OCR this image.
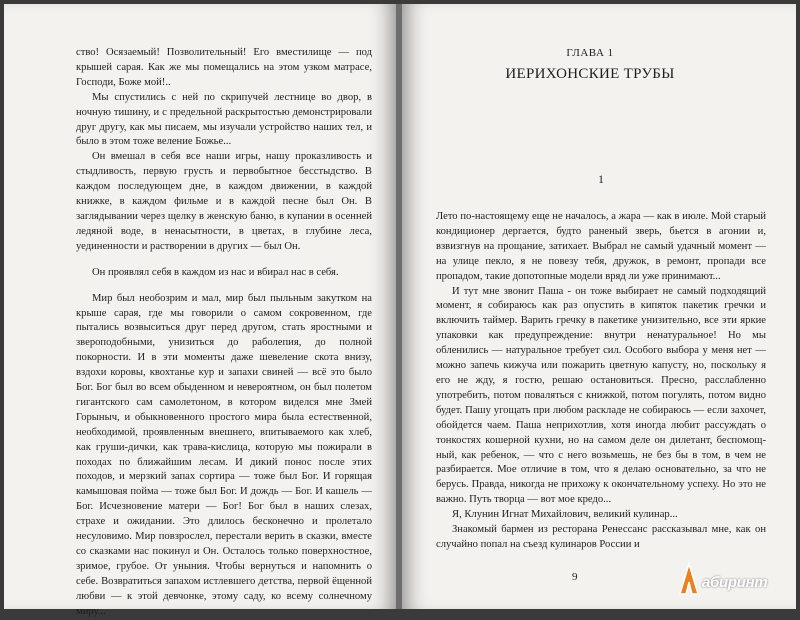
ство! Осязаемый! Позволительный! Его вместилище — под крышей сарая. Как же мы помещались на этом узком матрасе, Господи, Боже мой!..

Мы спустились с ней по скрипучей лестнице во двор, в ночную тишину, и с предельной раскрытостью демонстрировали друг другу, как мы писаем, мы изучали устройство наших тел, и было в этом тоже веление Божье...

Он вмешал в себя все наши игры, нашу проказливость и стыдливость, первую грусть и первобытное бесстыдство. В каждом последующем дне, в каждом движении, в каждой книжке, в каждом фильме и в каждой песне был Он. В заглядывании через щелку в женскую баню, в купании в осенней ледяной воде, в ненасытности, в цветах, в глубине леса, уединенности и растворении в других — был Он.

Он проявлял себя в каждом из нас и вбирал нас в себя.

Мир был необозрим и мал, мир был пыльным закутком на крыше сарая, где мы говорили о самом сокровенном, где пытались возвыситься друг перед другом, стать яростными и звероподобными, унизиться до раболепия, до полной покорности. И в эти моменты даже шевеление скота внизу, вздохи коровы, квохтанье кур и запахи свиней — всё это было Бог. Бог был во всем обыденном и невероятном, он был полетом гигантского сам самолетоном, в котором виделся мне Змей Горыныч, и обыкновенного простого мира была естественной, необходимой, проявленным внешнего, впитываемого как хлеб, как груши-дички, как трава-кислица, которую мы пожирали в походах по ближайшим лесам. И дикий понос после этих походов, и мерзкий запах сортира — тоже был Бог. И горящая камышовая пойма — тоже был Бог. И дождь — Бог. И кашель — Бог. Исчезновение матери — Бог! Бог был в наших слезах, страхе и ожидании. Это длилось бесконечно и пролетало несуловимо. Мир повзрослел, перестали верить в сказки, вместе со сказками нас покинул и Он. Осталось только поверхностное, зримое, грубое. От уныния. Чтобы вернуться и напомнить о себе. Возвратиться запахом истлевшего детства, первой ёщенной любви — к этой девчонке, этому саду, ко всему солнечному миру...

ГЛАВА 1
ИЕРИХОНСКИЕ ТРУБЫ
1

Лето по-настоящему еще не началось, а жара — как в июле. Мой старый кондиционер дергается, будто раненый зверь, бьется в агонии и, взвизгнув на прощание, затихает. Выбрал не самый удачный момент — на улице пекло, я не повезу тебя, дружок, в ремонт, пропади все пропадом, такие допотопные модели вряд ли уже принимают...

И тут мне звонит Паша - он тоже выбирает не самый подходящий момент, я собираюсь как раз опустить в кипяток пакетик гречки и включить таймер. Варить гречку в пакетике унизительно, все эти яркие упаковки как предупреждение: внутри ненатуральное! Но мы обленились — натуральное требует сил. Особого выбора у меня нет — можно запечь кижуча или пожарить цветную капусту, но, поскольку я его не жду, я гостю, решаю остановиться. Пресно, расслабленно употребить, потом поваляться с книжкой, потом погулять, потом видно будет. Пашу угощать при любом раскладе не собираюсь — если захочет, обойдется чаем. Паша неприхотлив, хотя иногда любит рассуждать о тонкостях кошерной кухни, но на самом деле он дилетант, беспомощный, как ребенок, — что с него возьмешь, не без бы в том, в чем не разбирается. Мое отличие в том, что я делаю основательно, за что не берусь. Правда, никогда не прихожу к окончательному успеху. Но это не важно. Путь творца — вот мое кредо...

Я, Клунин Игнат Михайлович, великий кулинар...

Знакомый бармен из ресторана Ренессанс рассказывал мне, как он случайно попал на съезд кулинаров России и

9	абиринт
